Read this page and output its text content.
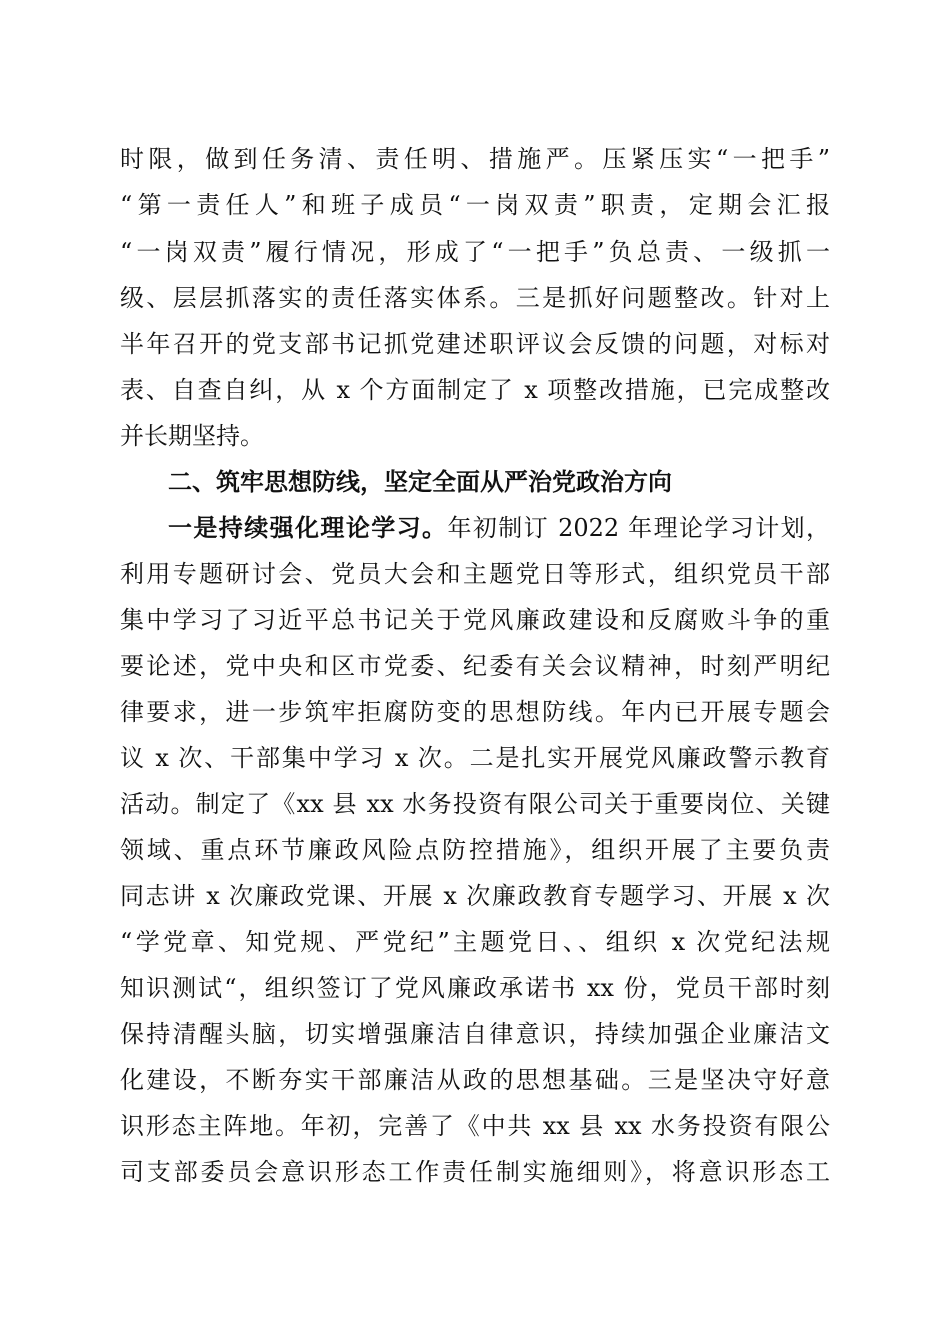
时限，做到任务清、责任明、措施严。压紧压实“一把手”
“第一责任人”和班子成员“一岗双责”职责，定期会汇报
“一岗双责”履行情况，形成了“一把手”负总责、一级抓一
级、层层抓落实的责任落实体系。三是抓好问题整改。针对上
半年召开的党支部书记抓党建述职评议会反馈的问题，对标对
表、自查自纠，从 x 个方面制定了 x 项整改措施，已完成整改
并长期坚持。
二、筑牢思想防线，坚定全面从严治党政治方向
一是持续强化理论学习。年初制订 2022 年理论学习计划，
利用专题研讨会、党员大会和主题党日等形式，组织党员干部
集中学习了习近平总书记关于党风廉政建设和反腐败斗争的重
要论述，党中央和区市党委、纪委有关会议精神，时刻严明纪
律要求，进一步筑牢拒腐防变的思想防线。年内已开展专题会
议 x 次、干部集中学习 x 次。二是扎实开展党风廉政警示教育
活动。制定了《xx 县 xx 水务投资有限公司关于重要岗位、关键
领域、重点环节廉政风险点防控措施》，组织开展了主要负责
同志讲 x 次廉政党课、开展 x 次廉政教育专题学习、开展 x 次
“学党章、知党规、严党纪”主题党日、、组织 x 次党纪法规
知识测试“，组织签订了党风廉政承诺书 xx 份，党员干部时刻
保持清醒头脑，切实增强廉洁自律意识，持续加强企业廉洁文
化建设，不断夯实干部廉洁从政的思想基础。三是坚决守好意
识形态主阵地。年初，完善了《中共 xx 县 xx 水务投资有限公
司支部委员会意识形态工作责任制实施细则》，将意识形态工
